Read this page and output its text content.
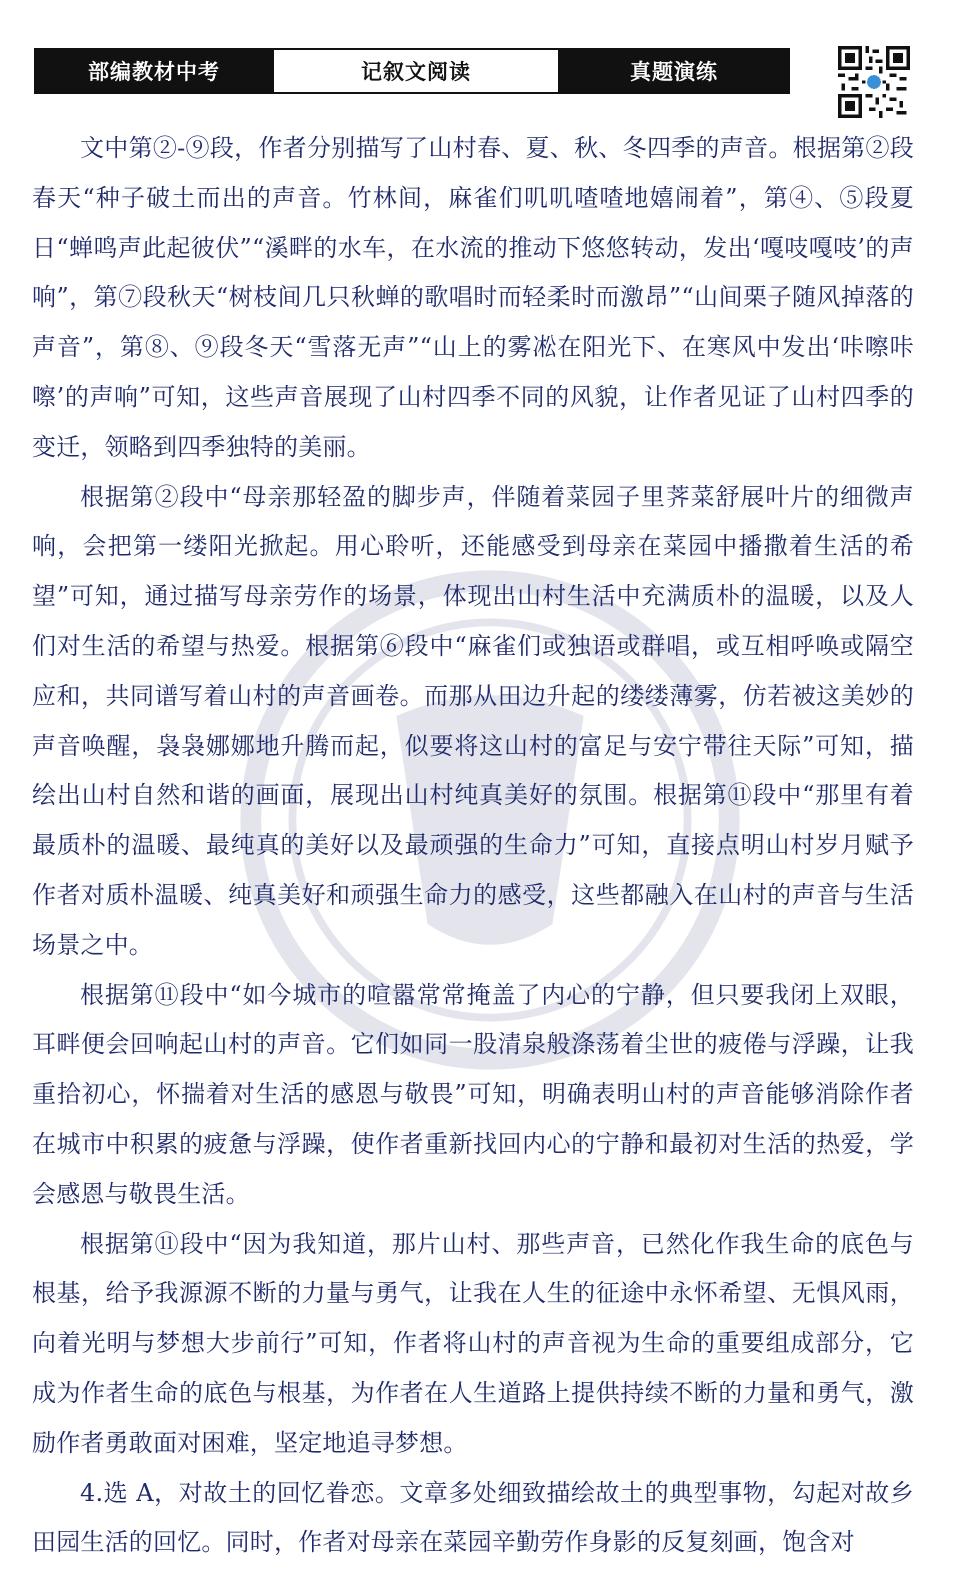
部编教材中考	记叙文阅读	真题演练

文中第②-⑨段，作者分别描写了山村春、夏、秋、冬四季的声音。根据第②段春天“种子破土而出的声音。竹林间，麻雀们叽叽喳喳地嬉闹着”，第④、⑤段夏日“蝉鸣声此起彼伏”“溪畔的水车，在水流的推动下悠悠转动，发出‘嘎吱嘎吱’的声响”，第⑦段秋天“树枝间几只秋蝉的歌唱时而轻柔时而激昂”“山间栗子随风掉落的声音”，第⑧、⑨段冬天“雪落无声”“山上的雾凇在阳光下、在寒风中发出‘咔嚓咔嚓’的声响”可知，这些声音展现了山村四季不同的风貌，让作者见证了山村四季的变迁，领略到四季独特的美丽。

根据第②段中“母亲那轻盈的脚步声，伴随着菜园子里荠菜舒展叶片的细微声响，会把第一缕阳光掀起。用心聆听，还能感受到母亲在菜园中播撒着生活的希望”可知，通过描写母亲劳作的场景，体现出山村生活中充满质朴的温暖，以及人们对生活的希望与热爱。根据第⑥段中“麻雀们或独语或群唱，或互相呼唤或隔空应和，共同谱写着山村的声音画卷。而那从田边升起的缕缕薄雾，仿若被这美妙的声音唤醒，袅袅娜娜地升腾而起，似要将这山村的富足与安宁带往天际”可知，描绘出山村自然和谐的画面，展现出山村纯真美好的氛围。根据第⑪段中“那里有着最质朴的温暖、最纯真的美好以及最顽强的生命力”可知，直接点明山村岁月赋予作者对质朴温暖、纯真美好和顽强生命力的感受，这些都融入在山村的声音与生活场景之中。

根据第⑪段中“如今城市的喧嚣常常掩盖了内心的宁静，但只要我闭上双眼，耳畔便会回响起山村的声音。它们如同一股清泉般涤荡着尘世的疲倦与浮躁，让我重拾初心，怀揣着对生活的感恩与敬畏”可知，明确表明山村的声音能够消除作者在城市中积累的疲惫与浮躁，使作者重新找回内心的宁静和最初对生活的热爱，学会感恩与敬畏生活。

根据第⑪段中“因为我知道，那片山村、那些声音，已然化作我生命的底色与根基，给予我源源不断的力量与勇气，让我在人生的征途中永怀希望、无惧风雨，向着光明与梦想大步前行”可知，作者将山村的声音视为生命的重要组成部分，它成为作者生命的底色与根基，为作者在人生道路上提供持续不断的力量和勇气，激励作者勇敢面对困难，坚定地追寻梦想。

4.选 A，对故土的回忆眷恋。文章多处细致描绘故土的典型事物，勾起对故乡田园生活的回忆。同时，作者对母亲在菜园辛勤劳作身影的反复刻画，饱含对
